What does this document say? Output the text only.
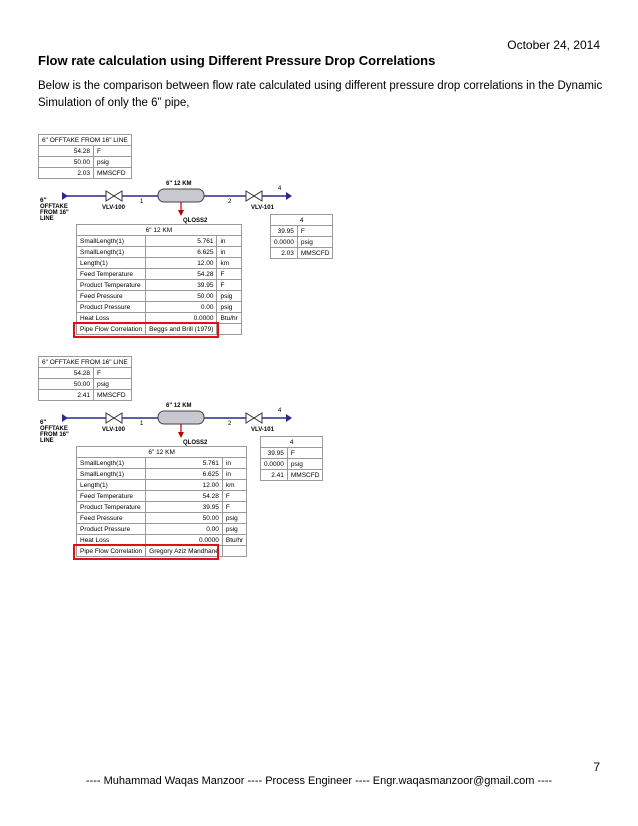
October 24, 2014
Flow rate calculation using Different Pressure Drop Correlations
Below is the comparison between flow rate calculated using different pressure drop correlations in the Dynamic Simulation of only the 6” pipe,
6" OFFTAKE FROM 16" LINE	
54.28	F
50.00	psig
2.03	MMSCFD
6"
OFFTAKE
FROM 16"
LINE
VLV-100
1
6" 12 KM
QLOSS2
2
VLV-101
4
6" 12 KM		
SmallLength(1)	5.761	in
SmallLength(1)	6.625	in
Length(1)	12.00	km
Feed Temperature	54.28	F
Product Temperature	39.95	F
Feed Pressure	50.00	psig
Product Pressure	0.00	psig
Heat Loss	0.0000	Btu/hr
Pipe Flow Correlation	Beggs and Brill (1979)	
4	
39.95	F
0.0000	psig
2.03	MMSCFD
6" OFFTAKE FROM 16" LINE	
54.28	F
50.00	psig
2.41	MMSCFD
6"
OFFTAKE
FROM 16"
LINE
VLV-100
1
6" 12 KM
QLOSS2
2
VLV-101
4
6" 12 KM		
SmallLength(1)	5.761	in
SmallLength(1)	6.625	in
Length(1)	12.00	km
Feed Temperature	54.28	F
Product Temperature	39.95	F
Feed Pressure	50.00	psig
Product Pressure	0.00	psig
Heat Loss	0.0000	Btu/hr
Pipe Flow Correlation	Gregory Aziz Mandhane	
4	
39.95	F
0.0000	psig
2.41	MMSCFD
7
---- Muhammad Waqas Manzoor ---- Process Engineer ---- Engr.waqasmanzoor@gmail.com ----
